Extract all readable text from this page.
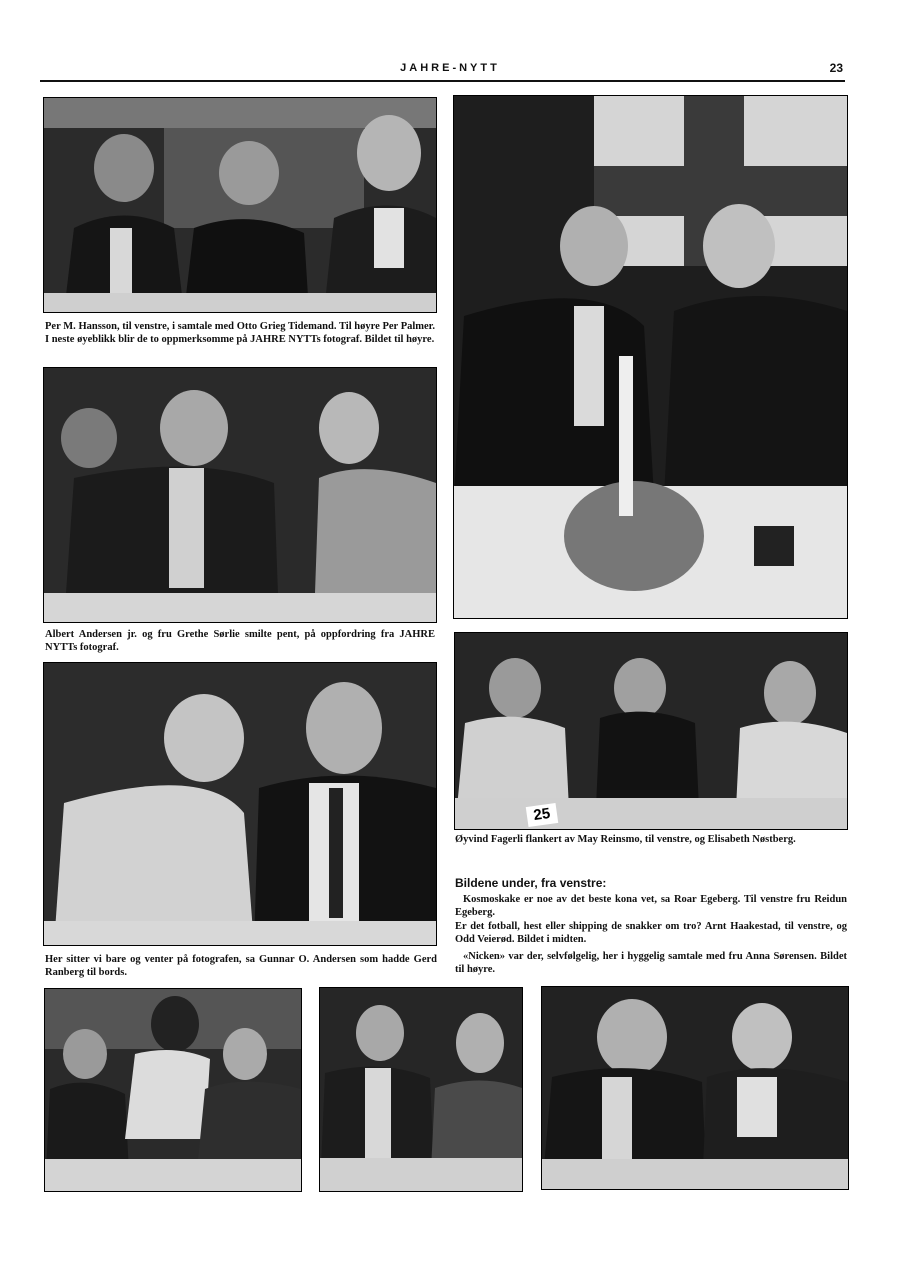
JAHRE-NYTT	23
Per M. Hansson, til venstre, i samtale med Otto Grieg Tidemand. Til høyre Per Palmer. I neste øyeblikk blir de to oppmerksomme på JAHRE NYTTs fotograf. Bildet til høyre.
Albert Andersen jr. og fru Grethe Sørlie smilte pent, på oppfordring fra JAHRE NYTTs fotograf.
Her sitter vi bare og venter på fotografen, sa Gunnar O. Andersen som hadde Gerd Ranberg til bords.
25
Øyvind Fagerli flankert av May Reinsmo, til venstre, og Elisabeth Nøstberg.
Bildene under, fra venstre:

Kosmoskake er noe av det beste kona vet, sa Roar Egeberg. Til venstre fru Reidun Egeberg.

Er det fotball, hest eller shipping de snakker om tro? Arnt Haakestad, til venstre, og Odd Veierød. Bildet i midten.

«Nicken» var der, selvfølgelig, her i hyggelig samtale med fru Anna Sørensen. Bildet til høyre.
